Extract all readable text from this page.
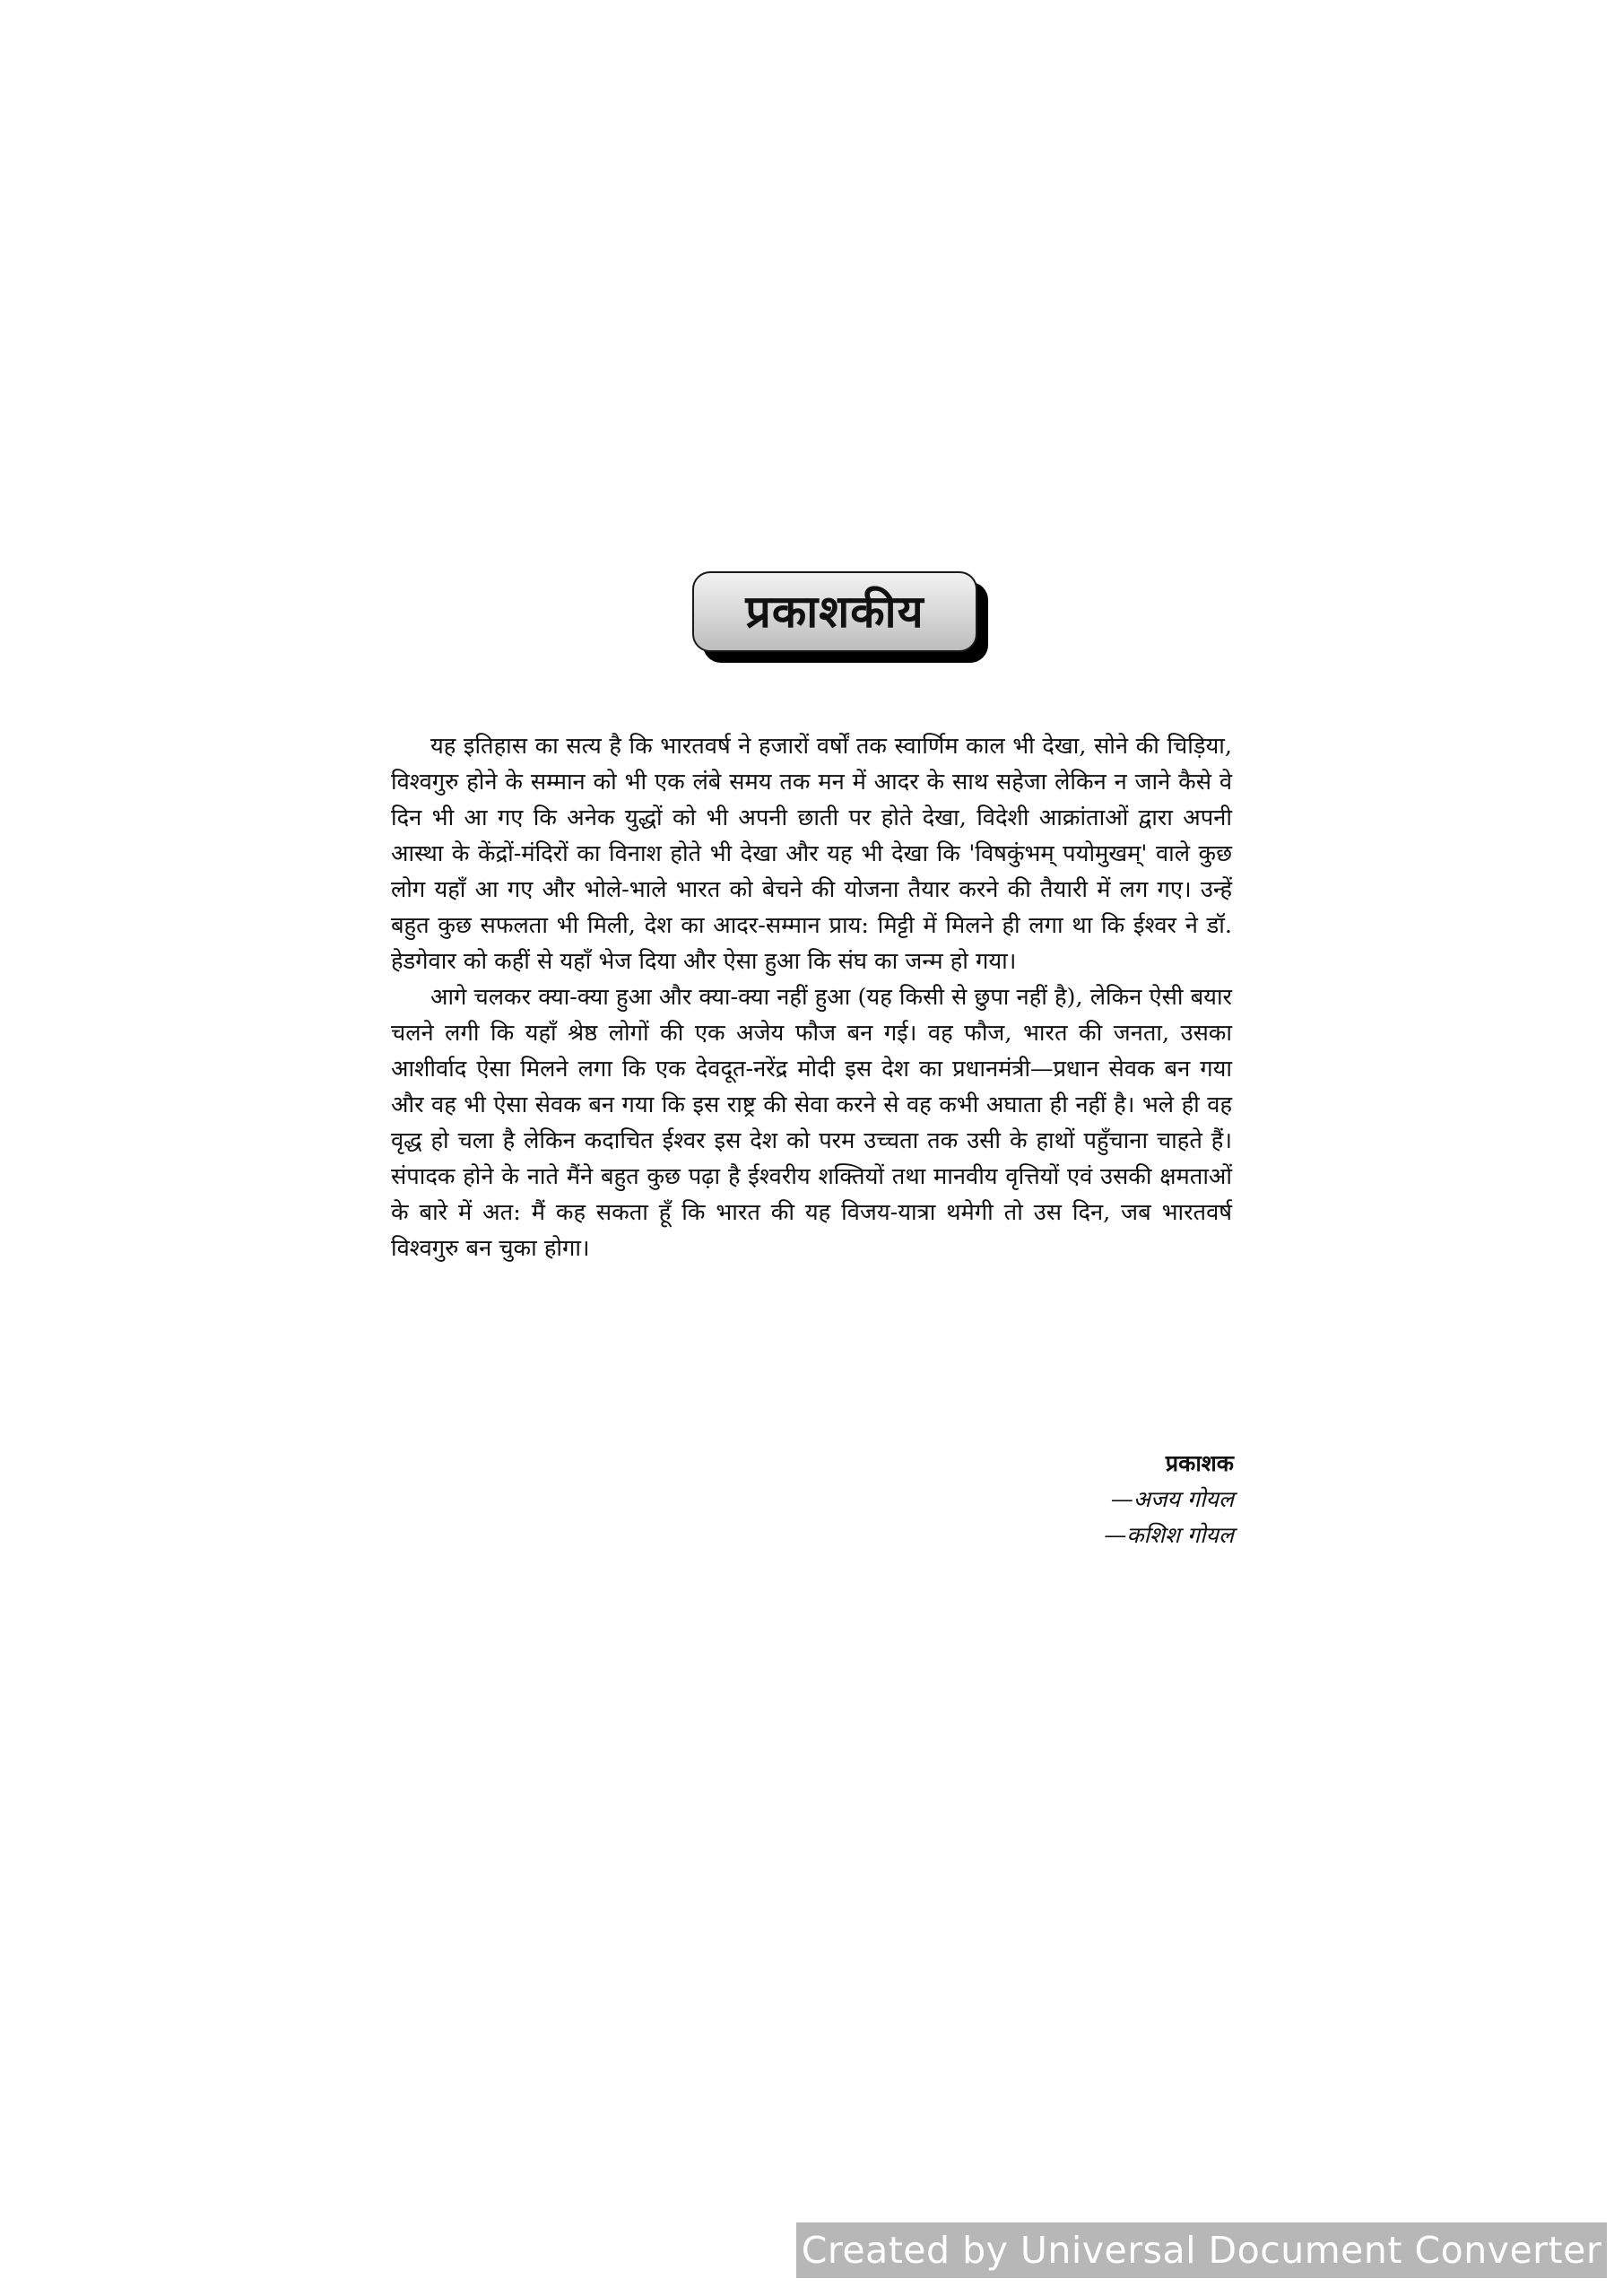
प्रकाशकीय

यह इतिहास का सत्य है कि भारतवर्ष ने हजारों वर्षों तक स्वार्णिम काल भी देखा, सोने की चिड़िया, विश्वगुरु होने के सम्मान को भी एक लंबे समय तक मन में आदर के साथ सहेजा लेकिन न जाने कैसे वे दिन भी आ गए कि अनेक युद्धों को भी अपनी छाती पर होते देखा, विदेशी आक्रांताओं द्वारा अपनी आस्था के केंद्रों-मंदिरों का विनाश होते भी देखा और यह भी देखा कि 'विषकुंभम् पयोमुखम्' वाले कुछ लोग यहाँ आ गए और भोले-भाले भारत को बेचने की योजना तैयार करने की तैयारी में लग गए। उन्हें बहुत कुछ सफलता भी मिली, देश का आदर-सम्मान प्राय: मिट्टी में मिलने ही लगा था कि ईश्वर ने डॉ. हेडगेवार को कहीं से यहाँ भेज दिया और ऐसा हुआ कि संघ का जन्म हो गया।

आगे चलकर क्या-क्या हुआ और क्या-क्या नहीं हुआ (यह किसी से छुपा नहीं है), लेकिन ऐसी बयार चलने लगी कि यहाँ श्रेष्ठ लोगों की एक अजेय फौज बन गई। वह फौज, भारत की जनता, उसका आशीर्वाद ऐसा मिलने लगा कि एक देवदूत-नरेंद्र मोदी इस देश का प्रधानमंत्री—प्रधान सेवक बन गया और वह भी ऐसा सेवक बन गया कि इस राष्ट्र की सेवा करने से वह कभी अघाता ही नहीं है। भले ही वह वृद्ध हो चला है लेकिन कदाचित ईश्वर इस देश को परम उच्चता तक उसी के हाथों पहुँचाना चाहते हैं। संपादक होने के नाते मैंने बहुत कुछ पढ़ा है ईश्वरीय शक्तियों तथा मानवीय वृत्तियों एवं उसकी क्षमताओं के बारे में अत: मैं कह सकता हूँ कि भारत की यह विजय-यात्रा थमेगी तो उस दिन, जब भारतवर्ष विश्वगुरु बन चुका होगा।

प्रकाशक
—अजय गोयल
—कशिश गोयल
Created by Universal Document Converter
